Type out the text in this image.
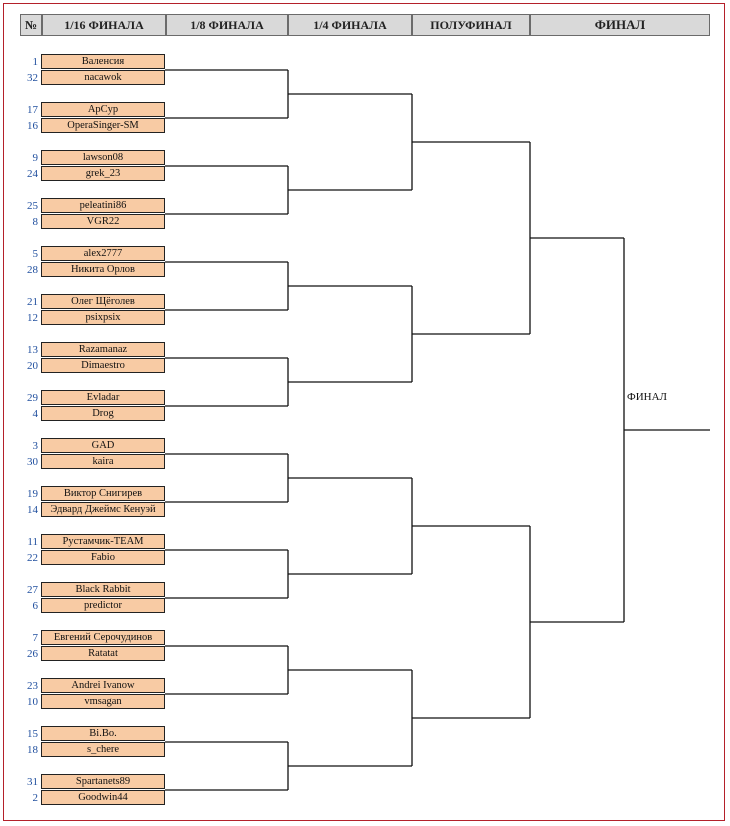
№	1/16 ФИНАЛА	1/8 ФИНАЛА	1/4 ФИНАЛА	ПОЛУФИНАЛ	ФИНАЛ
1	Валенсия
32	nacawok
17	ApCyp
16	OperaSinger-SM
9	lawson08
24	grek_23
25	peleatini86
8	VGR22
5	alex2777
28	Никита Орлов
21	Олег Щёголев
12	psixpsix
13	Razamanaz
20	Dimaestro
29	Evladar
4	Drog
3	GAD
30	kaira
19	Виктор Снигирев
14	Эдвард Джеймс Кенуэй
11	Рустамчик-TEAM
22	Fabio
27	Black Rabbit
6	predictor
7	Евгений Серочудинов
26	Ratatat
23	Andrei Ivanow
10	vmsagan
15	Bi.Bo.
18	s_chere
31	Spartanets89
2	Goodwin44
ФИНАЛ
